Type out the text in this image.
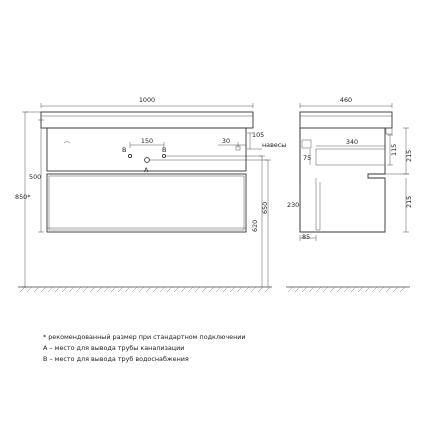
1000
150
B	B
A
30
105
навесы
500
850*
650
620
460
340
75
115 215
215
230
85
* рекомендованный размер при стандартном подключении
А – место для вывода трубы канализации
В – место для вывода труб водоснабжения
